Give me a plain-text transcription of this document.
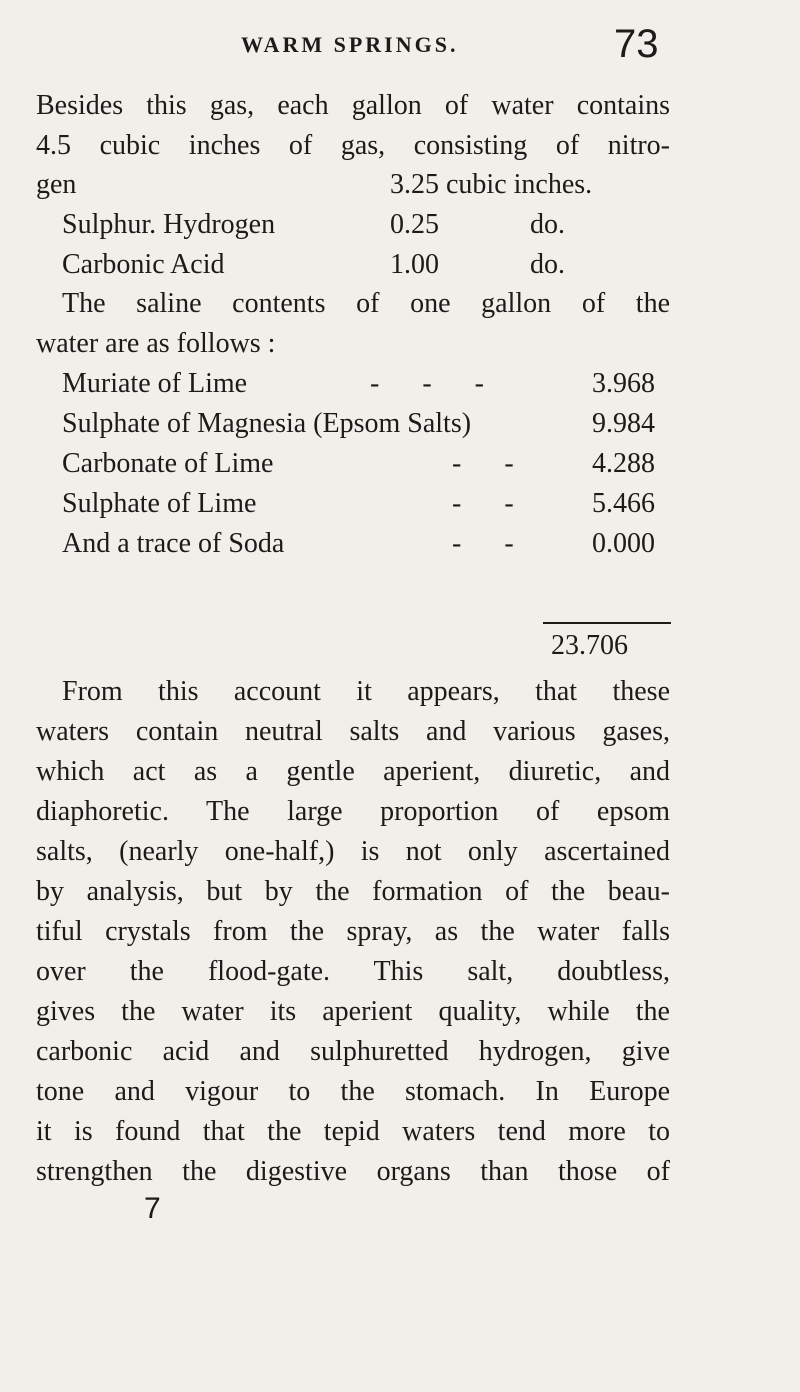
WARM SPRINGS.	73
Besides this gas, each gallon of water contains
4.5 cubic inches of gas, consisting of nitro-
gen	3.25 cubic inches.
Sulphur. Hydrogen	0.25	do.
Carbonic Acid	1.00	do.
The saline contents of one gallon of the
water are as follows :
Muriate of Lime	- - -	3.968
Sulphate of Magnesia (Epsom Salts)	9.984
Carbonate of Lime	- -	4.288
Sulphate of Lime	- -	5.466
And a trace of Soda	- -	0.000
23.706
From this account it appears, that these
waters contain neutral salts and various gases,
which act as a gentle aperient, diuretic, and
diaphoretic. The large proportion of epsom
salts, (nearly one-half,) is not only ascertained
by analysis, but by the formation of the beau-
tiful crystals from the spray, as the water falls
over the flood-gate. This salt, doubtless,
gives the water its aperient quality, while the
carbonic acid and sulphuretted hydrogen, give
tone and vigour to the stomach. In Europe
it is found that the tepid waters tend more to
strengthen the digestive organs than those of
7
